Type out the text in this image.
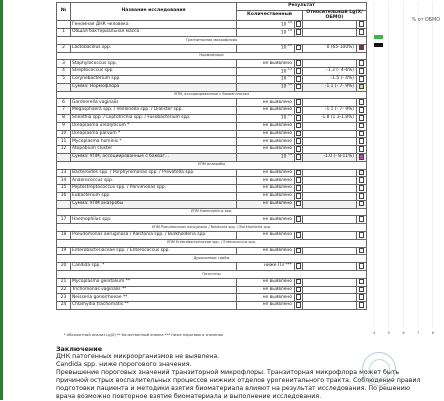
№	Название исследования	Результат			
		Количественный		Относительный Lg(X/ОБМО)	
	Геномная ДНК человека	10 $^{4.8}$			
1	Общая бактериальная масса	10 $^{4.8}$			
Транзиторная микрофлора					
2	Lactobacillus spp.	10 $^{4.8}$		0 (65-100%)	
Нормофлора					
3	Staphylococcus spp.	не выявлено			
4	Streptococcus spp.	10 $^{3.4}$		-1.3 (- 4-6%)	
5	Corynebacterium spp.	10 $^{3.4}$		-1.5 (- 4%)	
	Сумма: Нормофлора	10 $^{3.6}$		-1.1 (- 7- 9%)	
УПМ, ассоциированные с баквагинозом					
6	Gardnerella vaginalis	не выявлено			
7	Megasphaera spp. / Veillonella spp. / Dialister spp.	не выявлено		-1.1 (- 7- 9%)	
8	Sneathia spp. / Leptotrichia spp. / Fusobacterium spp.	10 $^{3.1}$		-1.8 (1.3-1.8%)	
9	Ureaplasma urealyticum *	не выявлено			
10	Ureaplasma parvum *	не выявлено			
11	Mycoplasma hominis *	не выявлено			
12	Atopobium cluster	не выявлено			
	Сумма: УПМ, ассоциированные с бакваг...	10 $^{3.6}$		-1.0 (- 8-11%)	
УПМ анаэробы					
13	Bacteroides spp. / Porphyromonas spp. / Prevotella spp.	не выявлено			
14	Anaerococcus spp.	не выявлено			
15	Peptostreptococcus spp. / Parvimonas spp.	не выявлено			
16	Eubacterium spp.	не выявлено			
	Сумма: УПМ анаэробы	не выявлено			
УПМ Haemophilus spp.					
17	Haemophilus spp.	не выявлено			
УПМ Pseudomonas aeruginosa / Ralstonia spp. / Burkholderia spp.					
18	Pseudomonas aeruginosa / Ralstonia spp. / Burkholderia spp.	не выявлено			
УПМ Enterobacteriaceae spp. / Enterococcus spp.					
19	Enterobacteriaceae spp. / Enterococcus spp.	не выявлено			
Дрожжевые грибы					
20	Candida spp. *	ниже ПЗ ***			
Патогены					
21	Mycoplasma genitalium **	не выявлено			
22	Trichomonas vaginalis **	не выявлено			
23	Neisseria gonorrhoeae **	не выявлено			
24	Chlamydia trachomatis **	не выявлено			
% от ОБМО
4	5	6	7	8
* Абсолютный анализ Lg(X) ** Качественный анализ *** Ниже порогового значения
Заключение
ДНК патогенных микроорганизмов не выявлена.
Candida spp. ниже порогового значения.
Превышение пороговых значений транзиторной микрофлоры. Транзиторная микрофлора может быть
причиной острых воспалительных процессов нижних отделов урогенитального тракта. Соблюдение правил
подготовки пациента и методики взятия биоматериала влияют на результат исследования. По решению
врача возможно повторное взятие биоматериала и выполнение исследования.
